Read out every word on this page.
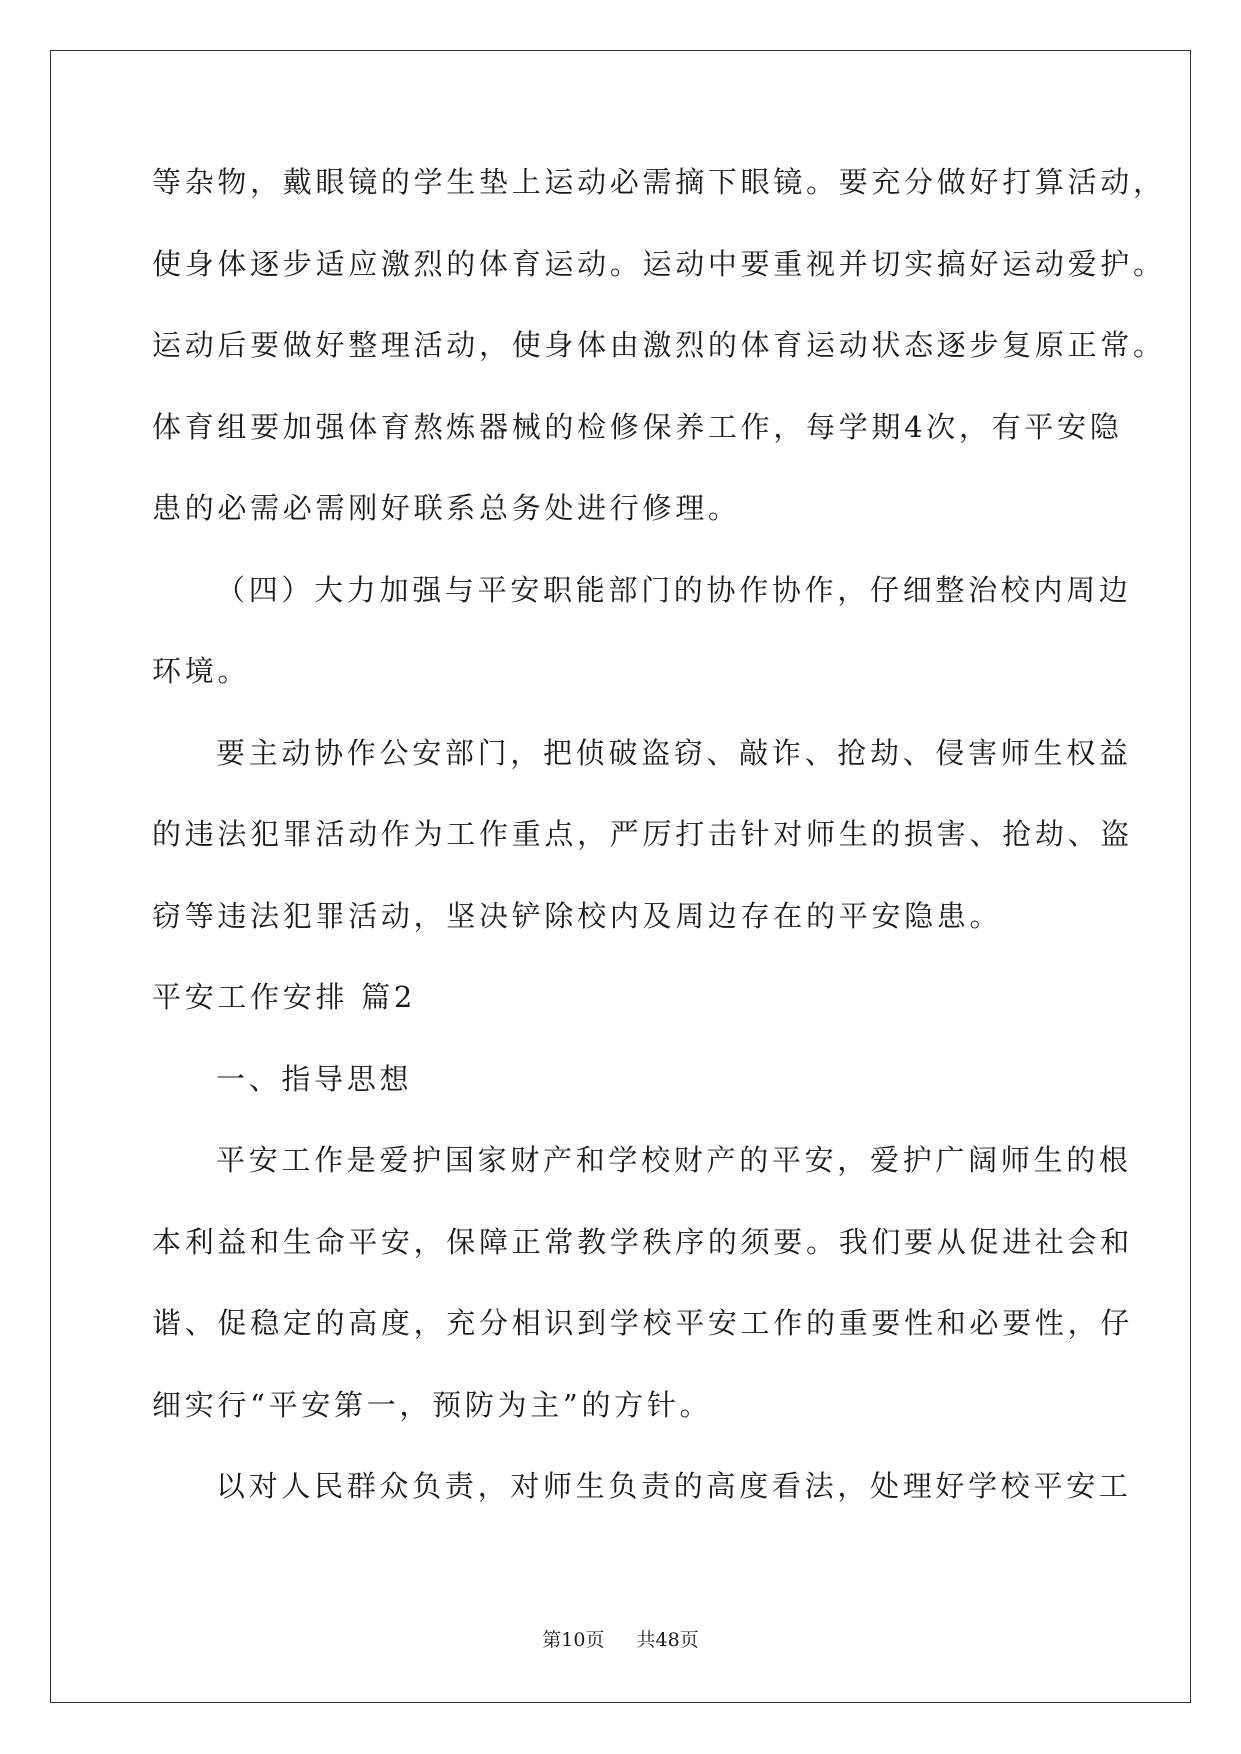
等杂物，戴眼镜的学生垫上运动必需摘下眼镜。要充分做好打算活动，
使身体逐步适应激烈的体育运动。运动中要重视并切实搞好运动爱护。
运动后要做好整理活动，使身体由激烈的体育运动状态逐步复原正常。
体育组要加强体育熬炼器械的检修保养工作，每学期4次，有平安隐
患的必需必需刚好联系总务处进行修理。
（四）大力加强与平安职能部门的协作协作，仔细整治校内周边
环境。
要主动协作公安部门，把侦破盗窃、敲诈、抢劫、侵害师生权益
的违法犯罪活动作为工作重点，严厉打击针对师生的损害、抢劫、盗
窃等违法犯罪活动，坚决铲除校内及周边存在的平安隐患。
平安工作安排 篇2
一、指导思想
平安工作是爱护国家财产和学校财产的平安，爱护广阔师生的根
本利益和生命平安，保障正常教学秩序的须要。我们要从促进社会和
谐、促稳定的高度，充分相识到学校平安工作的重要性和必要性，仔
细实行“平安第一，预防为主”的方针。
以对人民群众负责，对师生负责的高度看法，处理好学校平安工
第10页 共48页
